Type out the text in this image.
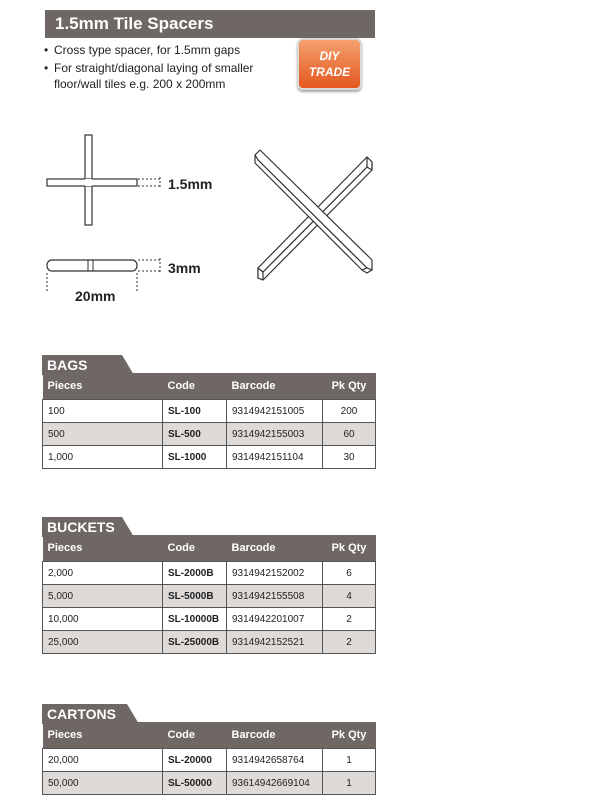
1.5mm Tile Spacers
• Cross type spacer, for 1.5mm gaps
• For straight/diagonal laying of smaller floor/wall tiles e.g. 200 x 200mm
DIY
TRADE
1.5mm
3mm
20mm
BAGS
Pieces	Code	Barcode	Pk Qty
100	SL-100	9314942151005	200
500	SL-500	9314942155003	60
1,000	SL-1000	9314942151104	30
BUCKETS
Pieces	Code	Barcode	Pk Qty
2,000	SL-2000B	9314942152002	6
5,000	SL-5000B	9314942155508	4
10,000	SL-10000B	9314942201007	2
25,000	SL-25000B	9314942152521	2
CARTONS
Pieces	Code	Barcode	Pk Qty
20,000	SL-20000	9314942658764	1
50,000	SL-50000	93614942669104	1
